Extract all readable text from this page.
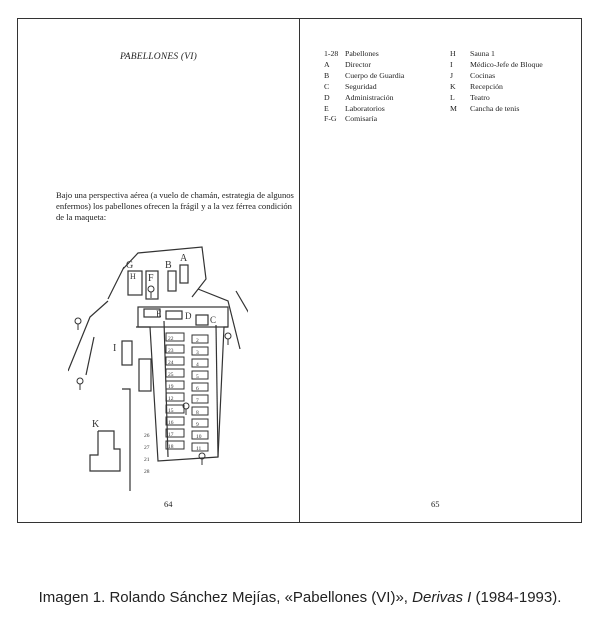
PABELLONES (VI)
Bajo una perspectiva aérea (a vuelo de chamán, estrategia de algunos enfermos) los pabellones ofrecen la frágil y a la vez férrea condición de la maqueta:
G	B
A
H F
E	D C
I
K
22
23
24
25
19
12
15
16
17
18
26
27
21
28
2
3
4
5
6
7
8
9
10
11
64
1-28 Pabellones
A	Director
B	Cuerpo de Guardia
C	Seguridad
D	Administración
E	Laboratorios
F-G	Comisaría
H	Sauna 1
I	Médico-Jefe de Bloque
J	Cocinas
K	Recepción
L	Teatro
M	Cancha de tenis
65
Imagen 1. Rolando Sánchez Mejías, «Pabellones (VI)», Derivas I (1984-1993).
